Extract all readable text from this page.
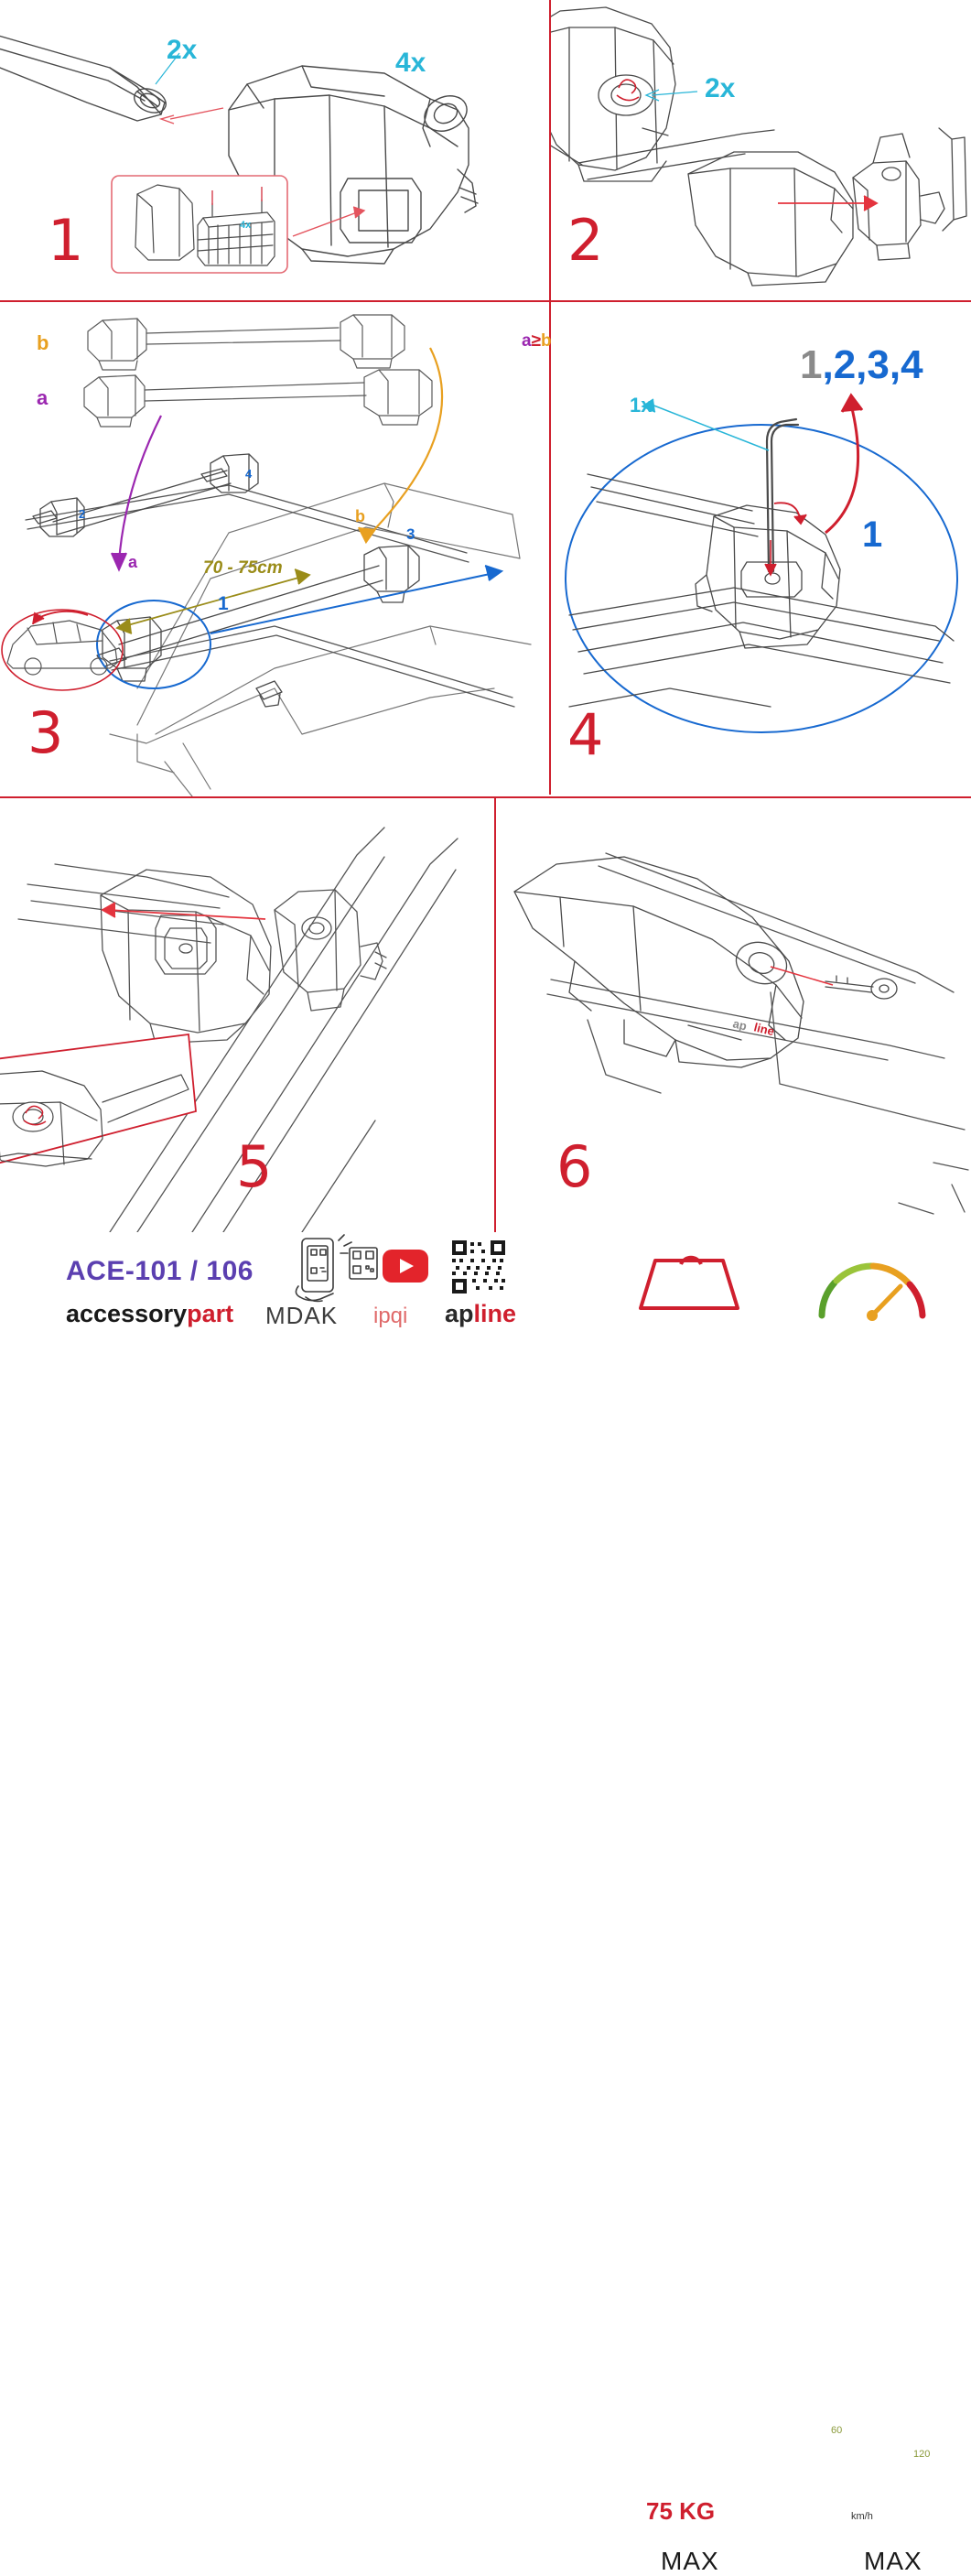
2x	4x
4x
1
2x
2
b
a
a
b
70 - 75cm
2
4
3
1
3
a≥b
1x
1,2,3,4
1
4
5
ap line
6
75 KG
MAX	MAX
km/h
60
120
ACE-101 / 106
accessorypart MDAK ipqi apline
